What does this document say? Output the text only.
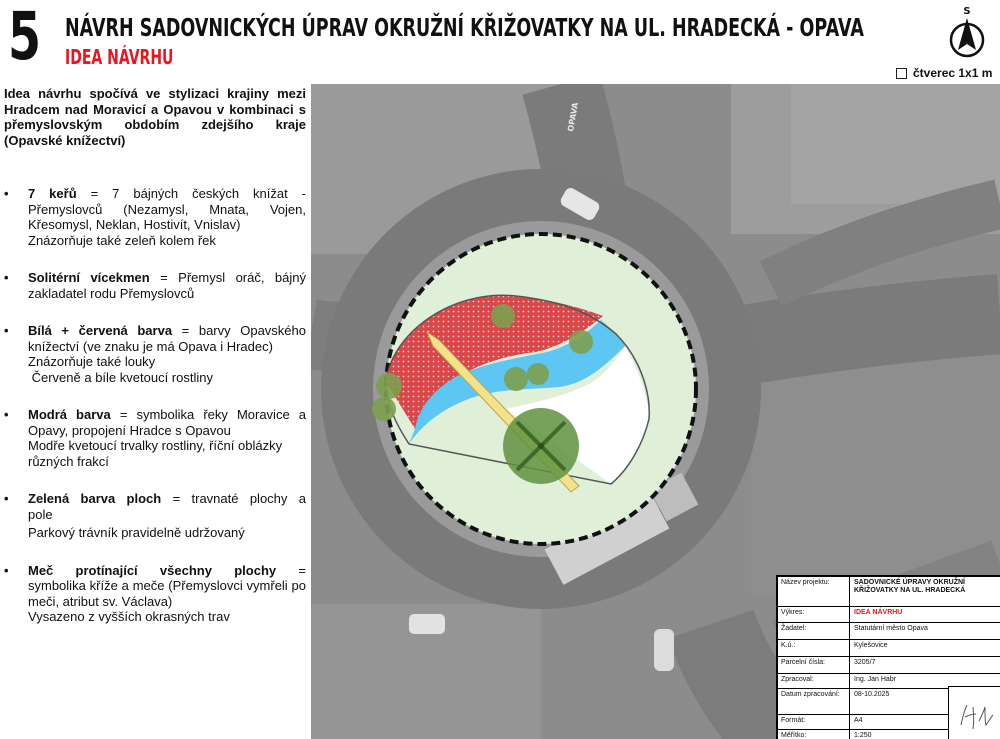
5 NÁVRH SADOVNICKÝCH ÚPRAV OKRUŽNÍ KŘIŽOVATKY NA UL. HRADECKÁ - OPAVA
IDEA NÁVRHU
S
čtverec 1x1 m
Idea návrhu spočívá ve stylizaci krajiny mezi Hradcem nad Moravicí a Opavou v kombinaci s přemyslovským obdobím zdejšího kraje (Opavské knížectví)
• 7 keřů = 7 bájných českých knížat -
Přemyslovců (Nezamysl, Mnata, Vojen, Křesomysl, Neklan, Hostivít, Vnislav)
Znázorňuje také zeleň kolem řek
• Solitérní vícekmen = Přemysl oráč, bájný
zakladatel rodu Přemyslovců
• Bílá + červená barva = barvy Opavského
knížectví (ve znaku je má Opava i Hradec)
Znázorňuje také louky
Červeně a bíle kvetoucí rostliny
• Modrá barva = symbolika řeky Moravice a
Opavy, propojení Hradce s Opavou
Modře kvetoucí trvalky rostliny, říční oblázky různých frakcí
• Zelená barva ploch = travnaté plochy a
pole
Parkový trávník pravidelně udržovaný
• Meč protínající všechny plochy =
symbolika kříže a meče (Přemyslovci vymřeli po meči, atribut sv. Václava)
Vysazeno z vyšších okrasných trav
OPAVA
Název projektu:	SADOVNICKÉ ÚPRAVY OKRUŽNÍ KŘIŽOVATKY NA UL. HRADECKÁ
Výkres:	IDEA NÁVRHU
Žadatel:	Statutární město Opava
K.ú.:	Kylešovice
Parcelní čísla:	3205/7
Zpracoval:	Ing. Jan Habr
Datum zpracování:	08-10.2025
Formát:	A4
Měřítko:	1:250
